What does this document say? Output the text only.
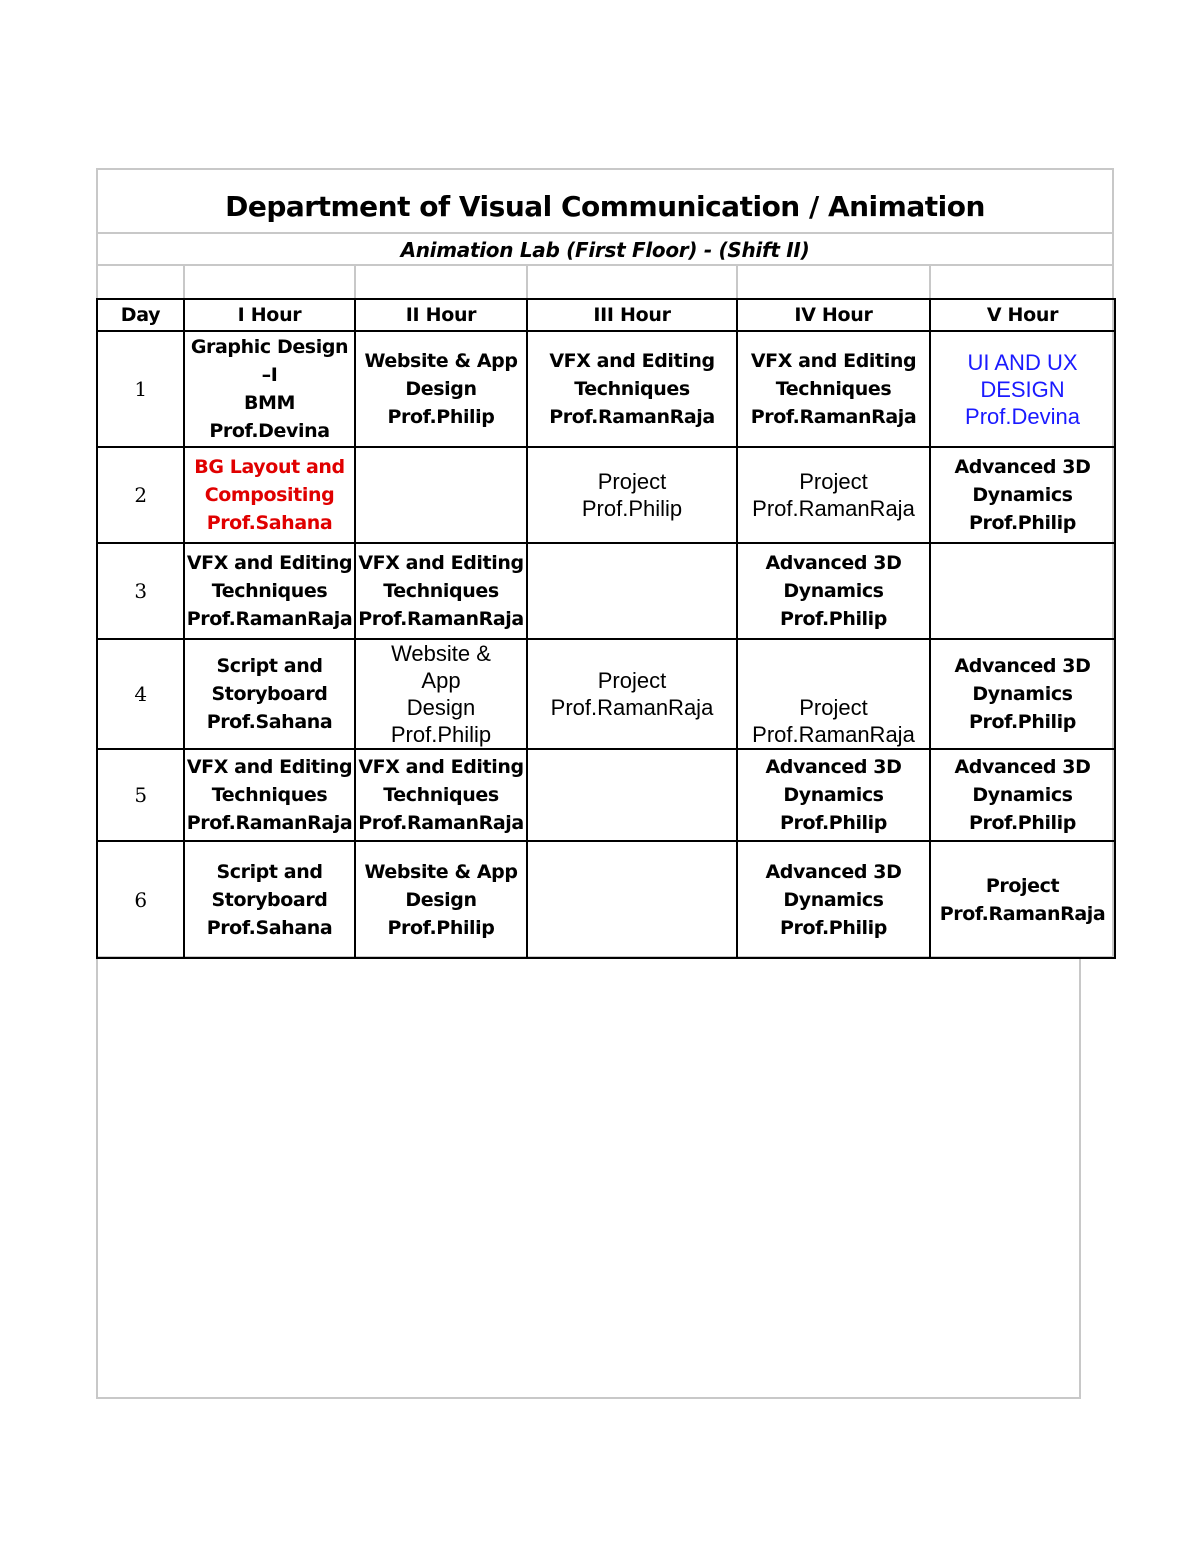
Department of Visual Communication / Animation
Animation Lab (First Floor) - (Shift II)
Day	I Hour	II Hour	III Hour	IV Hour	V Hour
1	Graphic Design
–I
BMM
Prof.Devina	Website & App
Design
Prof.Philip	VFX and Editing
Techniques
Prof.RamanRaja	VFX and Editing
Techniques
Prof.RamanRaja	UI AND UX
DESIGN
Prof.Devina

2	BG Layout and
Compositing
Prof.Sahana		Project
Prof.Philip	Project
Prof.RamanRaja	Advanced 3D
Dynamics
Prof.Philip

3	VFX and Editing
Techniques
Prof.RamanRaja	VFX and Editing
Techniques
Prof.RamanRaja		Advanced 3D
Dynamics
Prof.Philip	

4	Script and
Storyboard
Prof.Sahana	Website &
App
Design
Prof.Philip	Project
Prof.RamanRaja	Project
Prof.RamanRaja	Advanced 3D
Dynamics
Prof.Philip

5	VFX and Editing
Techniques
Prof.RamanRaja	VFX and Editing
Techniques
Prof.RamanRaja		Advanced 3D
Dynamics
Prof.Philip	Advanced 3D
Dynamics
Prof.Philip

6	Script and
Storyboard
Prof.Sahana	Website & App
Design
Prof.Philip		Advanced 3D
Dynamics
Prof.Philip	Project
Prof.RamanRaja
